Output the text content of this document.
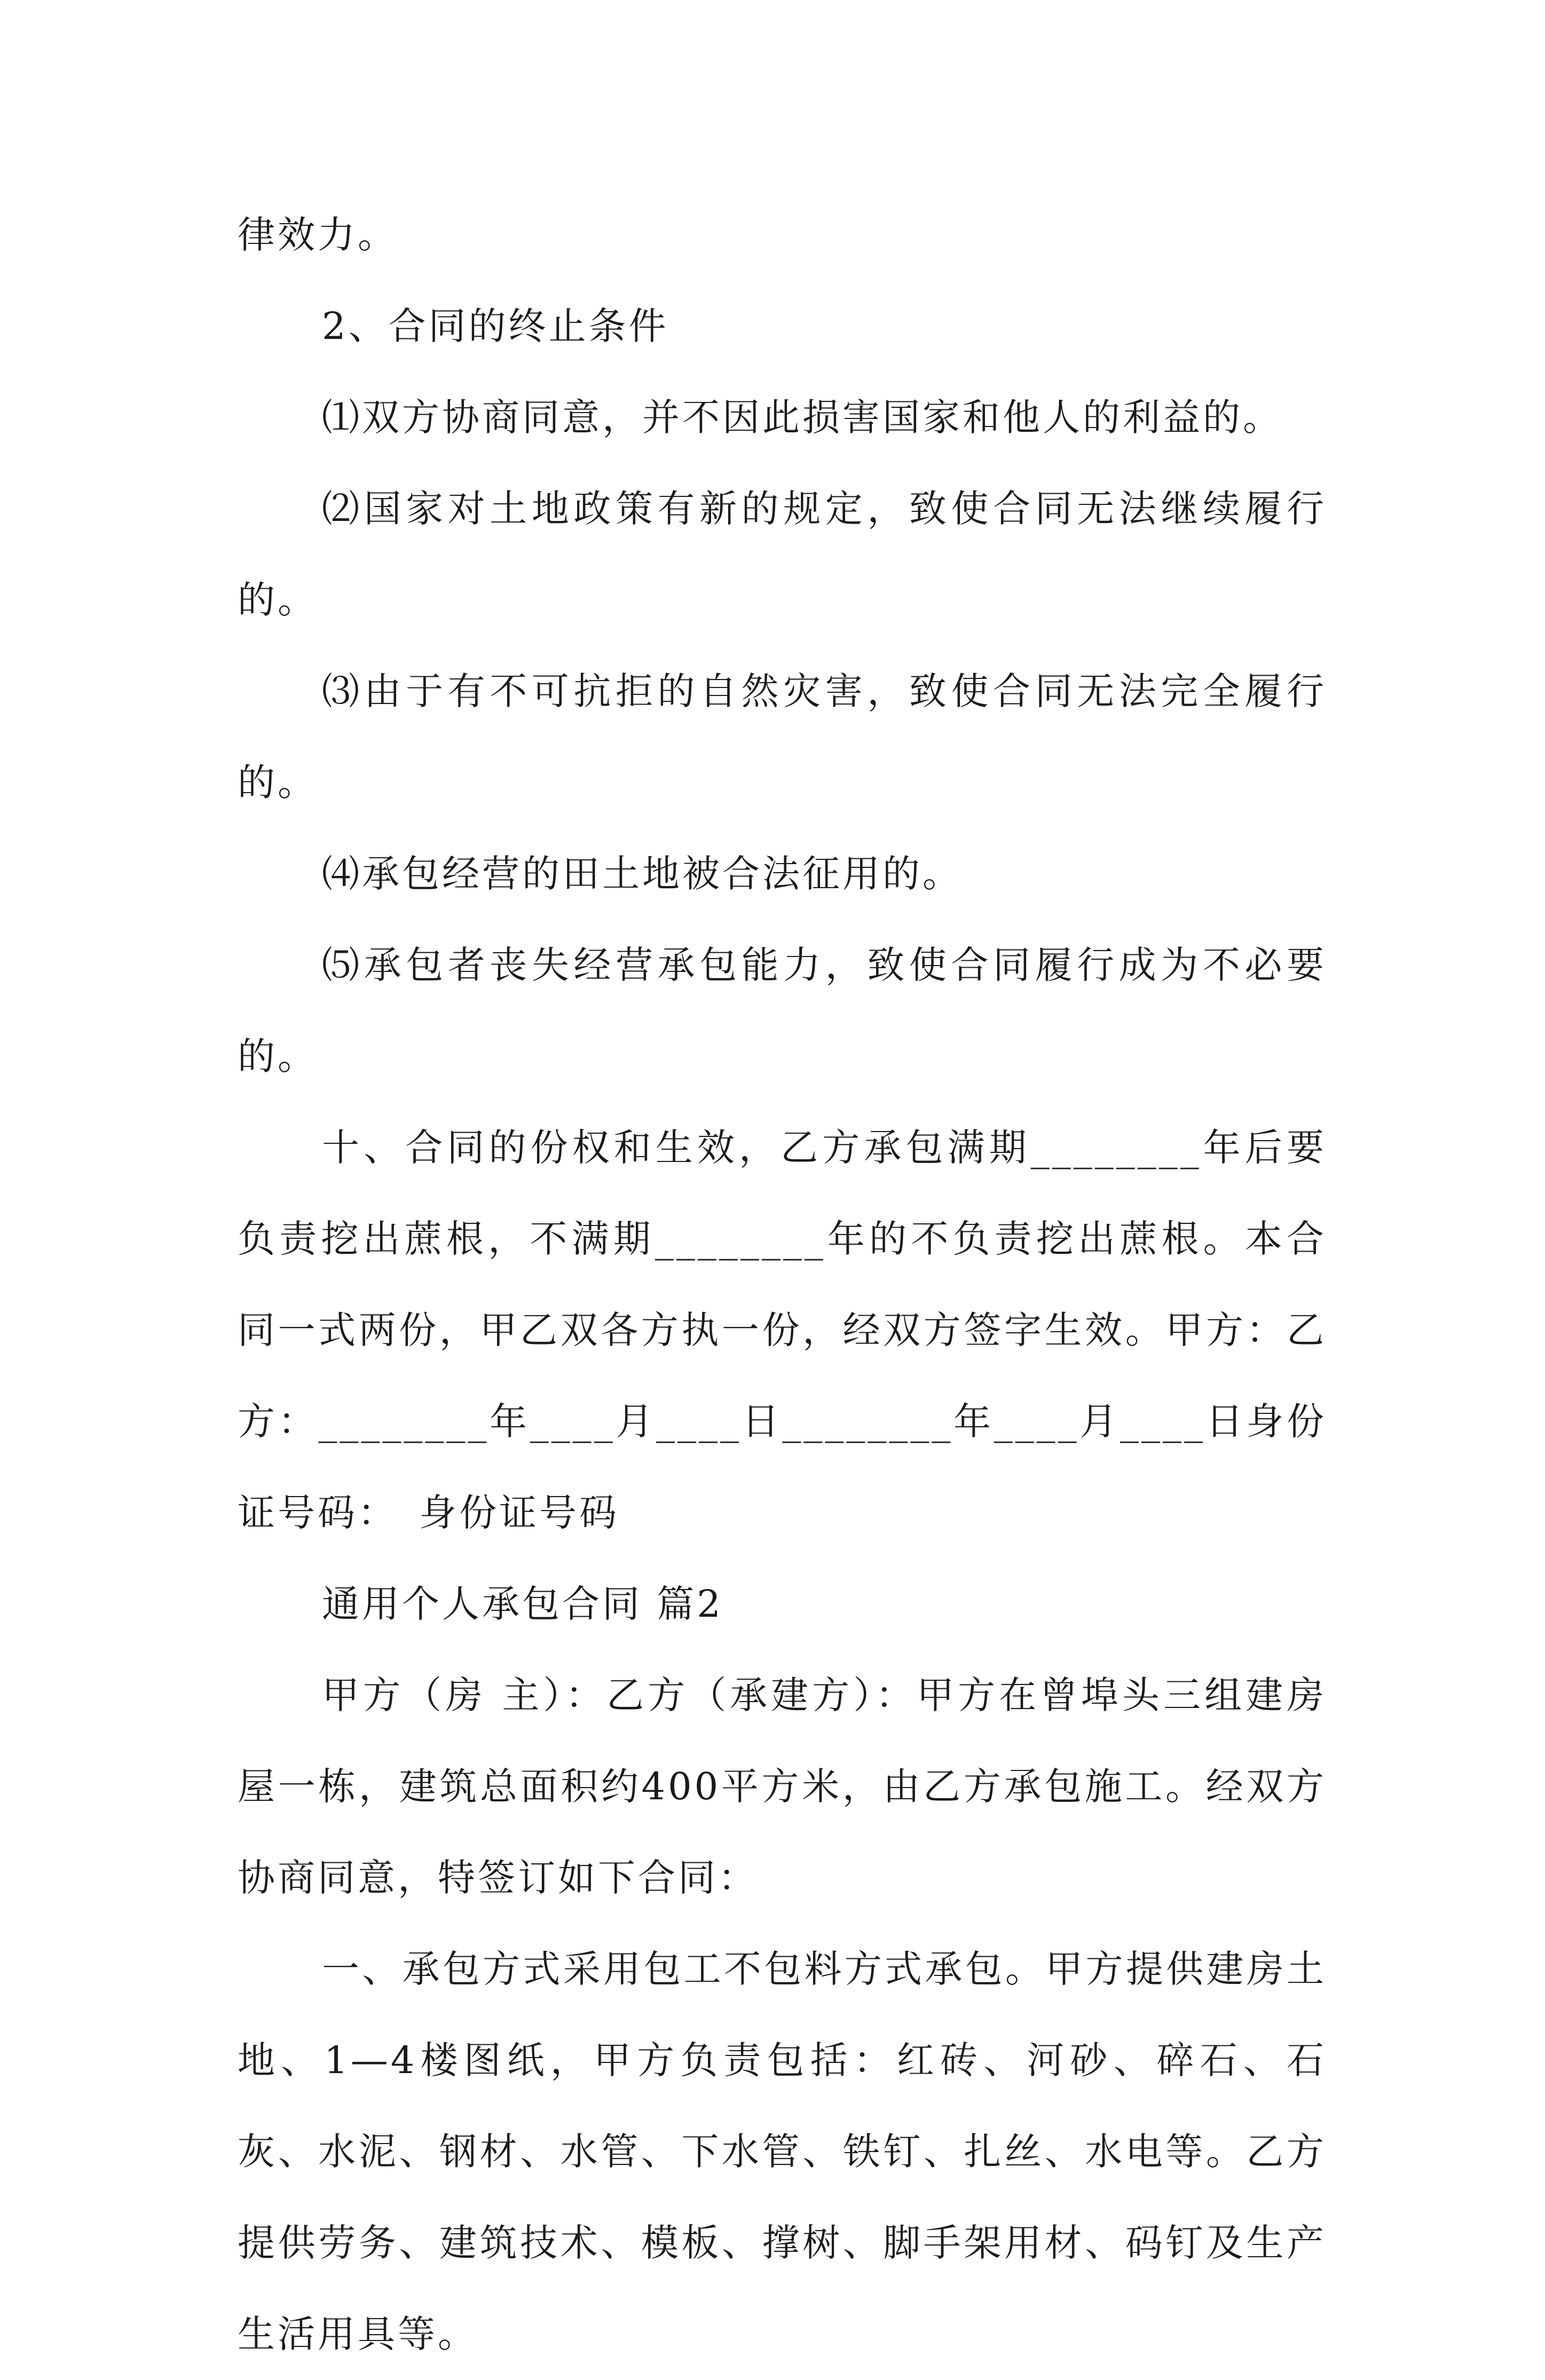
律效力。

2、合同的终止条件

⑴双方协商同意，并不因此损害国家和他人的利益的。

⑵国家对土地政策有新的规定，致使合同无法继续履行的。

⑶由于有不可抗拒的自然灾害，致使合同无法完全履行的。

⑷承包经营的田土地被合法征用的。

⑸承包者丧失经营承包能力，致使合同履行成为不必要的。

十、合同的份权和生效，乙方承包满期________年后要负责挖出蔗根，不满期________年的不负责挖出蔗根。本合同一式两份，甲乙双各方执一份，经双方签字生效。甲方：乙方：________年____月____日________年____月____日身份证号码：　身份证号码

通用个人承包合同 篇2

甲方（房 主）：乙方（承建方）：甲方在曾埠头三组建房屋一栋，建筑总面积约400平方米，由乙方承包施工。经双方协商同意，特签订如下合同：

一、承包方式采用包工不包料方式承包。甲方提供建房土地、1—4楼图纸，甲方负责包括：红砖、河砂、碎石、石灰、水泥、钢材、水管、下水管、铁钉、扎丝、水电等。乙方提供劳务、建筑技术、模板、撑树、脚手架用材、码钉及生产生活用具等。
